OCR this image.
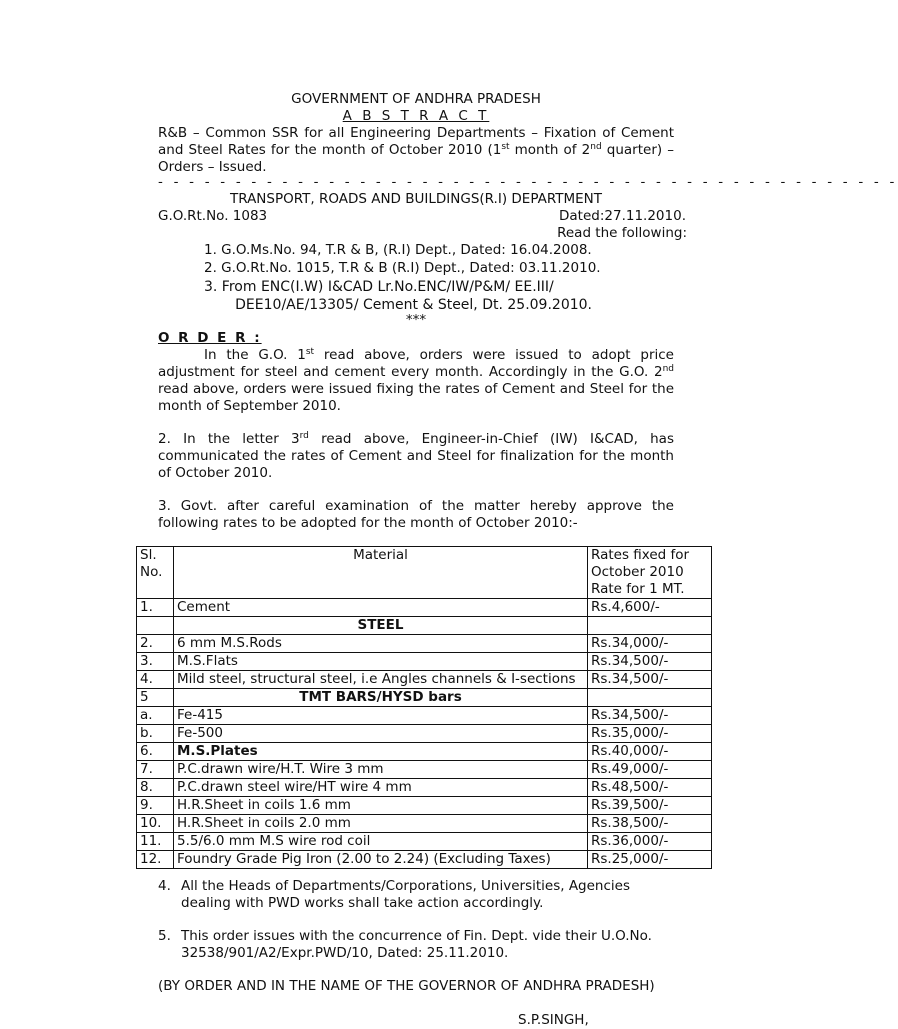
GOVERNMENT OF ANDHRA PRADESH
A B S T R A C T
R&B – Common SSR for all Engineering Departments – Fixation of Cement and Steel Rates for the month of October 2010 (1st month of 2nd quarter) – Orders – Issued.
- - - - - - - - - - - - - - - - - - - - - - - - - - - - - - - - - - - - - - - - - - - - - - - -
TRANSPORT, ROADS AND BUILDINGS(R.I) DEPARTMENT
G.O.Rt.No. 1083	Dated:27.11.2010.
Read the following:
1. G.O.Ms.No. 94, T.R & B, (R.I) Dept., Dated: 16.04.2008.
2. G.O.Rt.No. 1015, T.R & B (R.I) Dept., Dated: 03.11.2010.
3. From ENC(I.W) I&CAD Lr.No.ENC/IW/P&M/ EE.III/
DEE10/AE/13305/ Cement & Steel, Dt. 25.09.2010.
***
O R D E R :
In the G.O. 1st read above, orders were issued to adopt price adjustment for steel and cement every month. Accordingly in the G.O. 2nd read above, orders were issued fixing the rates of Cement and Steel for the month of September 2010.
2. In the letter 3rd read above, Engineer-in-Chief (IW) I&CAD, has communicated the rates of Cement and Steel for finalization for the month of October 2010.
3. Govt. after careful examination of the matter hereby approve the following rates to be adopted for the month of October 2010:-
Sl. No.	Material	Rates fixed for October 2010 Rate for 1 MT.
1.	Cement	Rs.4,600/-
	STEEL	
2.	6 mm M.S.Rods	Rs.34,000/-
3.	M.S.Flats	Rs.34,500/-
4.	Mild steel, structural steel, i.e Angles channels & I-sections	Rs.34,500/-
5	TMT BARS/HYSD bars	
a.	Fe-415	Rs.34,500/-
b.	Fe-500	Rs.35,000/-
6.	M.S.Plates	Rs.40,000/-
7.	P.C.drawn wire/H.T. Wire 3 mm	Rs.49,000/-
8.	P.C.drawn steel wire/HT wire 4 mm	Rs.48,500/-
9.	H.R.Sheet in coils 1.6 mm	Rs.39,500/-
10.	H.R.Sheet in coils 2.0 mm	Rs.38,500/-
11.	5.5/6.0 mm M.S wire rod coil	Rs.36,000/-
12.	Foundry Grade Pig Iron (2.00 to 2.24) (Excluding Taxes)	Rs.25,000/-
4. All the Heads of Departments/Corporations, Universities, Agencies dealing with PWD works shall take action accordingly.
5. This order issues with the concurrence of Fin. Dept. vide their U.O.No. 32538/901/A2/Expr.PWD/10, Dated: 25.11.2010.
(BY ORDER AND IN THE NAME OF THE GOVERNOR OF ANDHRA PRADESH)
S.P.SINGH,
